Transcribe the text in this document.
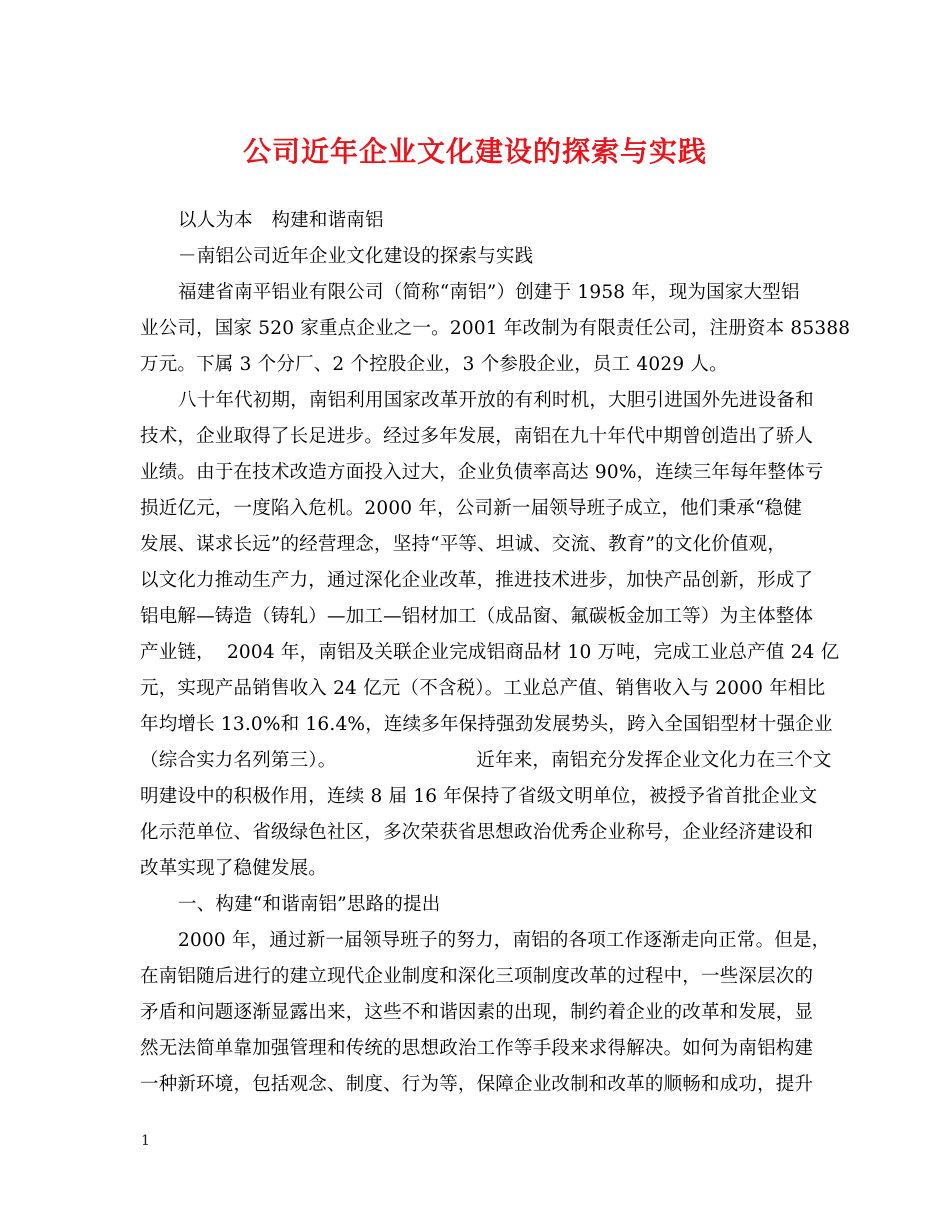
公司近年企业文化建设的探索与实践
以人为本　构建和谐南铝
－南铝公司近年企业文化建设的探索与实践
福建省南平铝业有限公司（简称“南铝”）创建于 1958 年，现为国家大型铝
业公司，国家 520 家重点企业之一。2001 年改制为有限责任公司，注册资本 85388
万元。下属 3 个分厂、2 个控股企业，3 个参股企业，员工 4029 人。
八十年代初期，南铝利用国家改革开放的有利时机，大胆引进国外先进设备和
技术，企业取得了长足进步。经过多年发展，南铝在九十年代中期曾创造出了骄人
业绩。由于在技术改造方面投入过大，企业负债率高达 90%，连续三年每年整体亏
损近亿元，一度陷入危机。2000 年，公司新一届领导班子成立，他们秉承“稳健
发展、谋求长远”的经营理念，坚持“平等、坦诚、交流、教育”的文化价值观，
以文化力推动生产力，通过深化企业改革，推进技术进步，加快产品创新，形成了
铝电解—铸造（铸轧）—加工—铝材加工（成品窗、氟碳板金加工等）为主体整体
产业链，  2004 年，南铝及关联企业完成铝商品材 10 万吨，完成工业总产值 24 亿
元，实现产品销售收入 24 亿元（不含税）。工业总产值、销售收入与 2000 年相比
年均增长 13.0%和 16.4%，连续多年保持强劲发展势头，跨入全国铝型材十强企业
（综合实力名列第三）。                       近年来，南铝充分发挥企业文化力在三个文
明建设中的积极作用，连续 8 届 16 年保持了省级文明单位，被授予省首批企业文
化示范单位、省级绿色社区，多次荣获省思想政治优秀企业称号，企业经济建设和
改革实现了稳健发展。
一、构建“和谐南铝”思路的提出
2000 年，通过新一届领导班子的努力，南铝的各项工作逐渐走向正常。但是，
在南铝随后进行的建立现代企业制度和深化三项制度改革的过程中，一些深层次的
矛盾和问题逐渐显露出来，这些不和谐因素的出现，制约着企业的改革和发展，显
然无法简单靠加强管理和传统的思想政治工作等手段来求得解决。如何为南铝构建
一种新环境，包括观念、制度、行为等，保障企业改制和改革的顺畅和成功，提升
1
